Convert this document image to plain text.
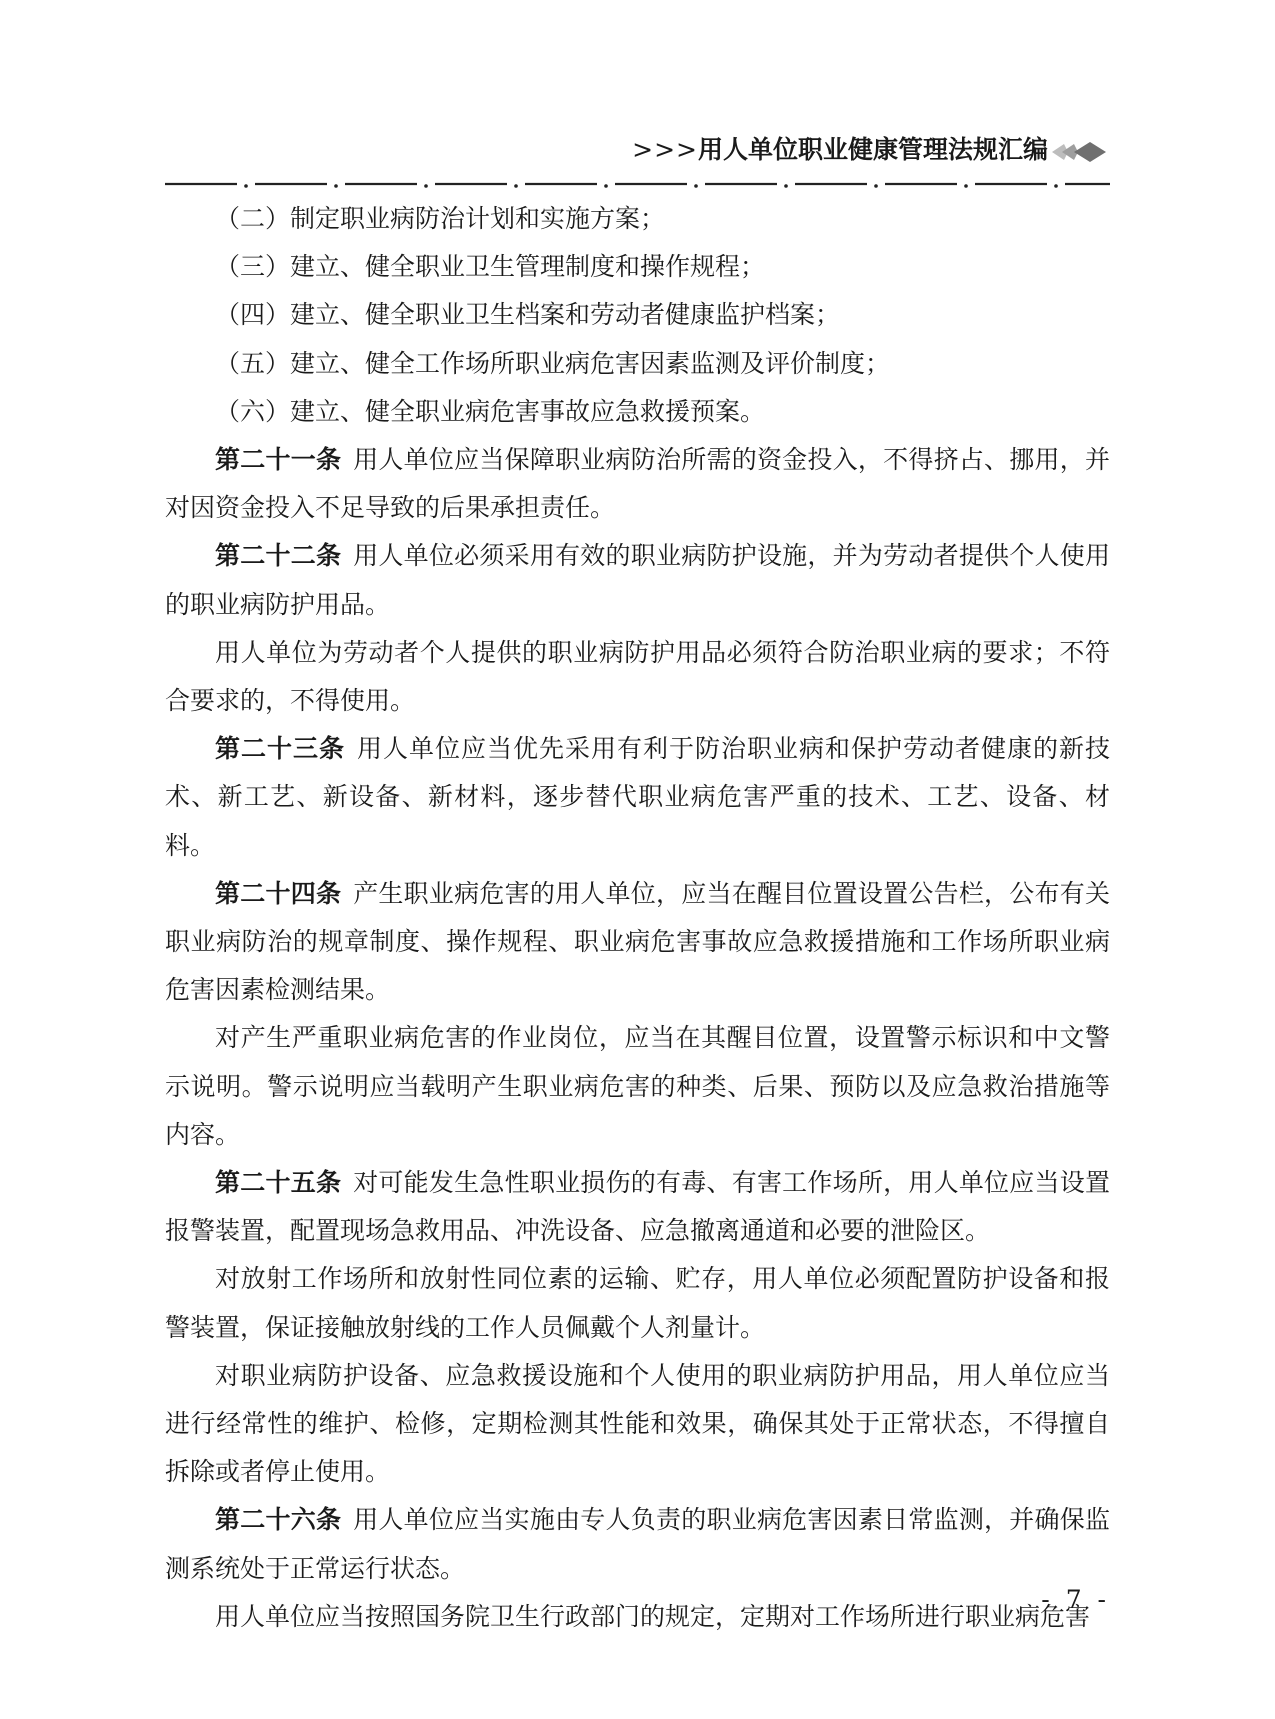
>>>用人单位职业健康管理法规汇编

（二）制定职业病防治计划和实施方案；

（三）建立、健全职业卫生管理制度和操作规程；

（四）建立、健全职业卫生档案和劳动者健康监护档案；

（五）建立、健全工作场所职业病危害因素监测及评价制度；

（六）建立、健全职业病危害事故应急救援预案。

第二十一条 用人单位应当保障职业病防治所需的资金投入，不得挤占、挪用，并对因资金投入不足导致的后果承担责任。

第二十二条 用人单位必须采用有效的职业病防护设施，并为劳动者提供个人使用的职业病防护用品。

用人单位为劳动者个人提供的职业病防护用品必须符合防治职业病的要求；不符合要求的，不得使用。

第二十三条 用人单位应当优先采用有利于防治职业病和保护劳动者健康的新技术、新工艺、新设备、新材料，逐步替代职业病危害严重的技术、工艺、设备、材料。

第二十四条 产生职业病危害的用人单位，应当在醒目位置设置公告栏，公布有关职业病防治的规章制度、操作规程、职业病危害事故应急救援措施和工作场所职业病危害因素检测结果。

对产生严重职业病危害的作业岗位，应当在其醒目位置，设置警示标识和中文警示说明。警示说明应当载明产生职业病危害的种类、后果、预防以及应急救治措施等内容。

第二十五条 对可能发生急性职业损伤的有毒、有害工作场所，用人单位应当设置报警装置，配置现场急救用品、冲洗设备、应急撤离通道和必要的泄险区。

对放射工作场所和放射性同位素的运输、贮存，用人单位必须配置防护设备和报警装置，保证接触放射线的工作人员佩戴个人剂量计。

对职业病防护设备、应急救援设施和个人使用的职业病防护用品，用人单位应当进行经常性的维护、检修，定期检测其性能和效果，确保其处于正常状态，不得擅自拆除或者停止使用。

第二十六条 用人单位应当实施由专人负责的职业病危害因素日常监测，并确保监测系统处于正常运行状态。

用人单位应当按照国务院卫生行政部门的规定，定期对工作场所进行职业病危害

- 7 -
